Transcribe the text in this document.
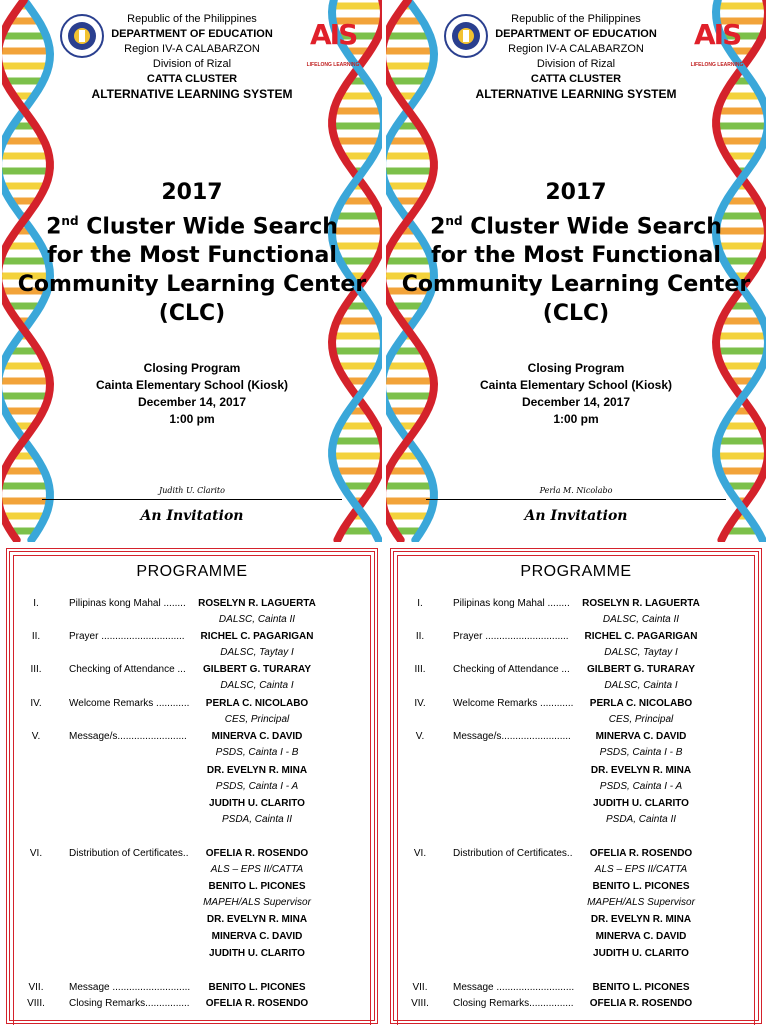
AIS
LIFELONG LEARNING
Republic of the Philippines
DEPARTMENT OF EDUCATION
Region IV-A CALABARZON
Division of Rizal
CATTA CLUSTER
ALTERNATIVE LEARNING SYSTEM
2017
2nd Cluster Wide Search
for the Most Functional
Community Learning Center
(CLC)
Closing Program
Cainta Elementary School (Kiosk)
December 14, 2017
1:00 pm
Judith U. Clarito
An Invitation
AIS
LIFELONG LEARNING
Republic of the Philippines
DEPARTMENT OF EDUCATION
Region IV-A CALABARZON
Division of Rizal
CATTA CLUSTER
ALTERNATIVE LEARNING SYSTEM
2017
2nd Cluster Wide Search
for the Most Functional
Community Learning Center
(CLC)
Closing Program
Cainta Elementary School (Kiosk)
December 14, 2017
1:00 pm
Perla M. Nicolabo
An Invitation
PROGRAMME
I.	Pilipinas kong Mahal ........	ROSELYN R. LAGUERTA
DALSC, Cainta II
II.	Prayer ..............................	RICHEL C. PAGARIGAN
DALSC, Taytay I
III.	Checking of Attendance ...	GILBERT G. TURARAY
DALSC, Cainta I
IV.	Welcome Remarks ............	PERLA C. NICOLABO
CES, Principal
V.	Message/s.........................	MINERVA C. DAVID
PSDS, Cainta I - B
DR. EVELYN R. MINA
PSDS, Cainta I - A
JUDITH U. CLARITO
PSDA, Cainta II
VI.	Distribution of Certificates..	OFELIA R. ROSENDO
ALS – EPS II/CATTA
BENITO L. PICONES
MAPEH/ALS Supervisor
DR. EVELYN R. MINA
MINERVA C. DAVID
JUDITH U. CLARITO
VII.	Message ............................	BENITO L. PICONES
VIII. Closing Remarks................	OFELIA R. ROSENDO
PROGRAMME
I.	Pilipinas kong Mahal ........	ROSELYN R. LAGUERTA
DALSC, Cainta II
II.	Prayer ..............................	RICHEL C. PAGARIGAN
DALSC, Taytay I
III.	Checking of Attendance ...	GILBERT G. TURARAY
DALSC, Cainta I
IV.	Welcome Remarks ............	PERLA C. NICOLABO
CES, Principal
V.	Message/s.........................	MINERVA C. DAVID
PSDS, Cainta I - B
DR. EVELYN R. MINA
PSDS, Cainta I - A
JUDITH U. CLARITO
PSDA, Cainta II
VI.	Distribution of Certificates..	OFELIA R. ROSENDO
ALS – EPS II/CATTA
BENITO L. PICONES
MAPEH/ALS Supervisor
DR. EVELYN R. MINA
MINERVA C. DAVID
JUDITH U. CLARITO
VII.	Message ............................	BENITO L. PICONES
VIII. Closing Remarks................	OFELIA R. ROSENDO
